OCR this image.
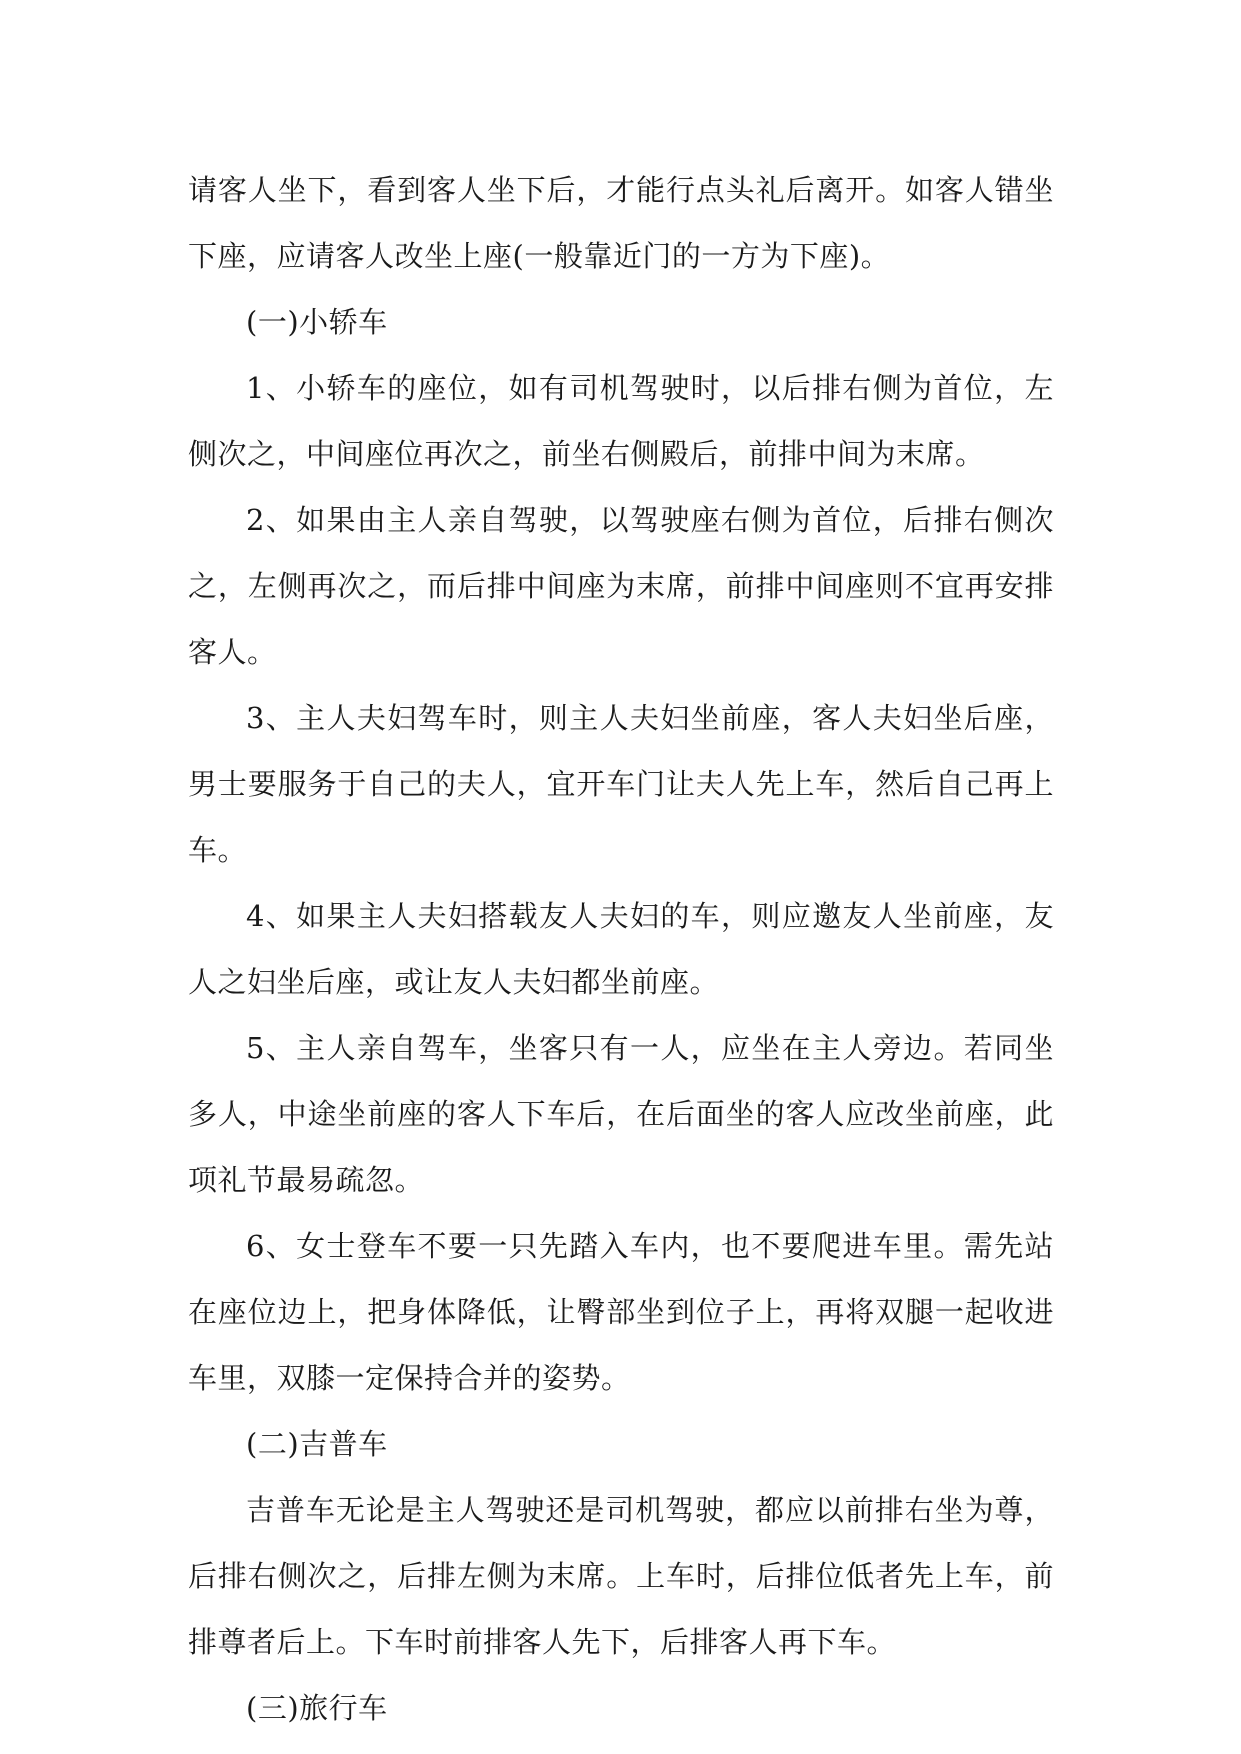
请客人坐下，看到客人坐下后，才能行点头礼后离开。如客人错坐下座，应请客人改坐上座(一般靠近门的一方为下座)。

(一)小轿车

1、小轿车的座位，如有司机驾驶时，以后排右侧为首位，左侧次之，中间座位再次之，前坐右侧殿后，前排中间为末席。

2、如果由主人亲自驾驶，以驾驶座右侧为首位，后排右侧次之，左侧再次之，而后排中间座为末席，前排中间座则不宜再安排客人。

3、主人夫妇驾车时，则主人夫妇坐前座，客人夫妇坐后座，男士要服务于自己的夫人，宜开车门让夫人先上车，然后自己再上车。

4、如果主人夫妇搭载友人夫妇的车，则应邀友人坐前座，友人之妇坐后座，或让友人夫妇都坐前座。

5、主人亲自驾车，坐客只有一人，应坐在主人旁边。若同坐多人，中途坐前座的客人下车后，在后面坐的客人应改坐前座，此项礼节最易疏忽。

6、女士登车不要一只先踏入车内，也不要爬进车里。需先站在座位边上，把身体降低，让臀部坐到位子上，再将双腿一起收进车里，双膝一定保持合并的姿势。

(二)吉普车

吉普车无论是主人驾驶还是司机驾驶，都应以前排右坐为尊，后排右侧次之，后排左侧为末席。上车时，后排位低者先上车，前排尊者后上。下车时前排客人先下，后排客人再下车。

(三)旅行车
